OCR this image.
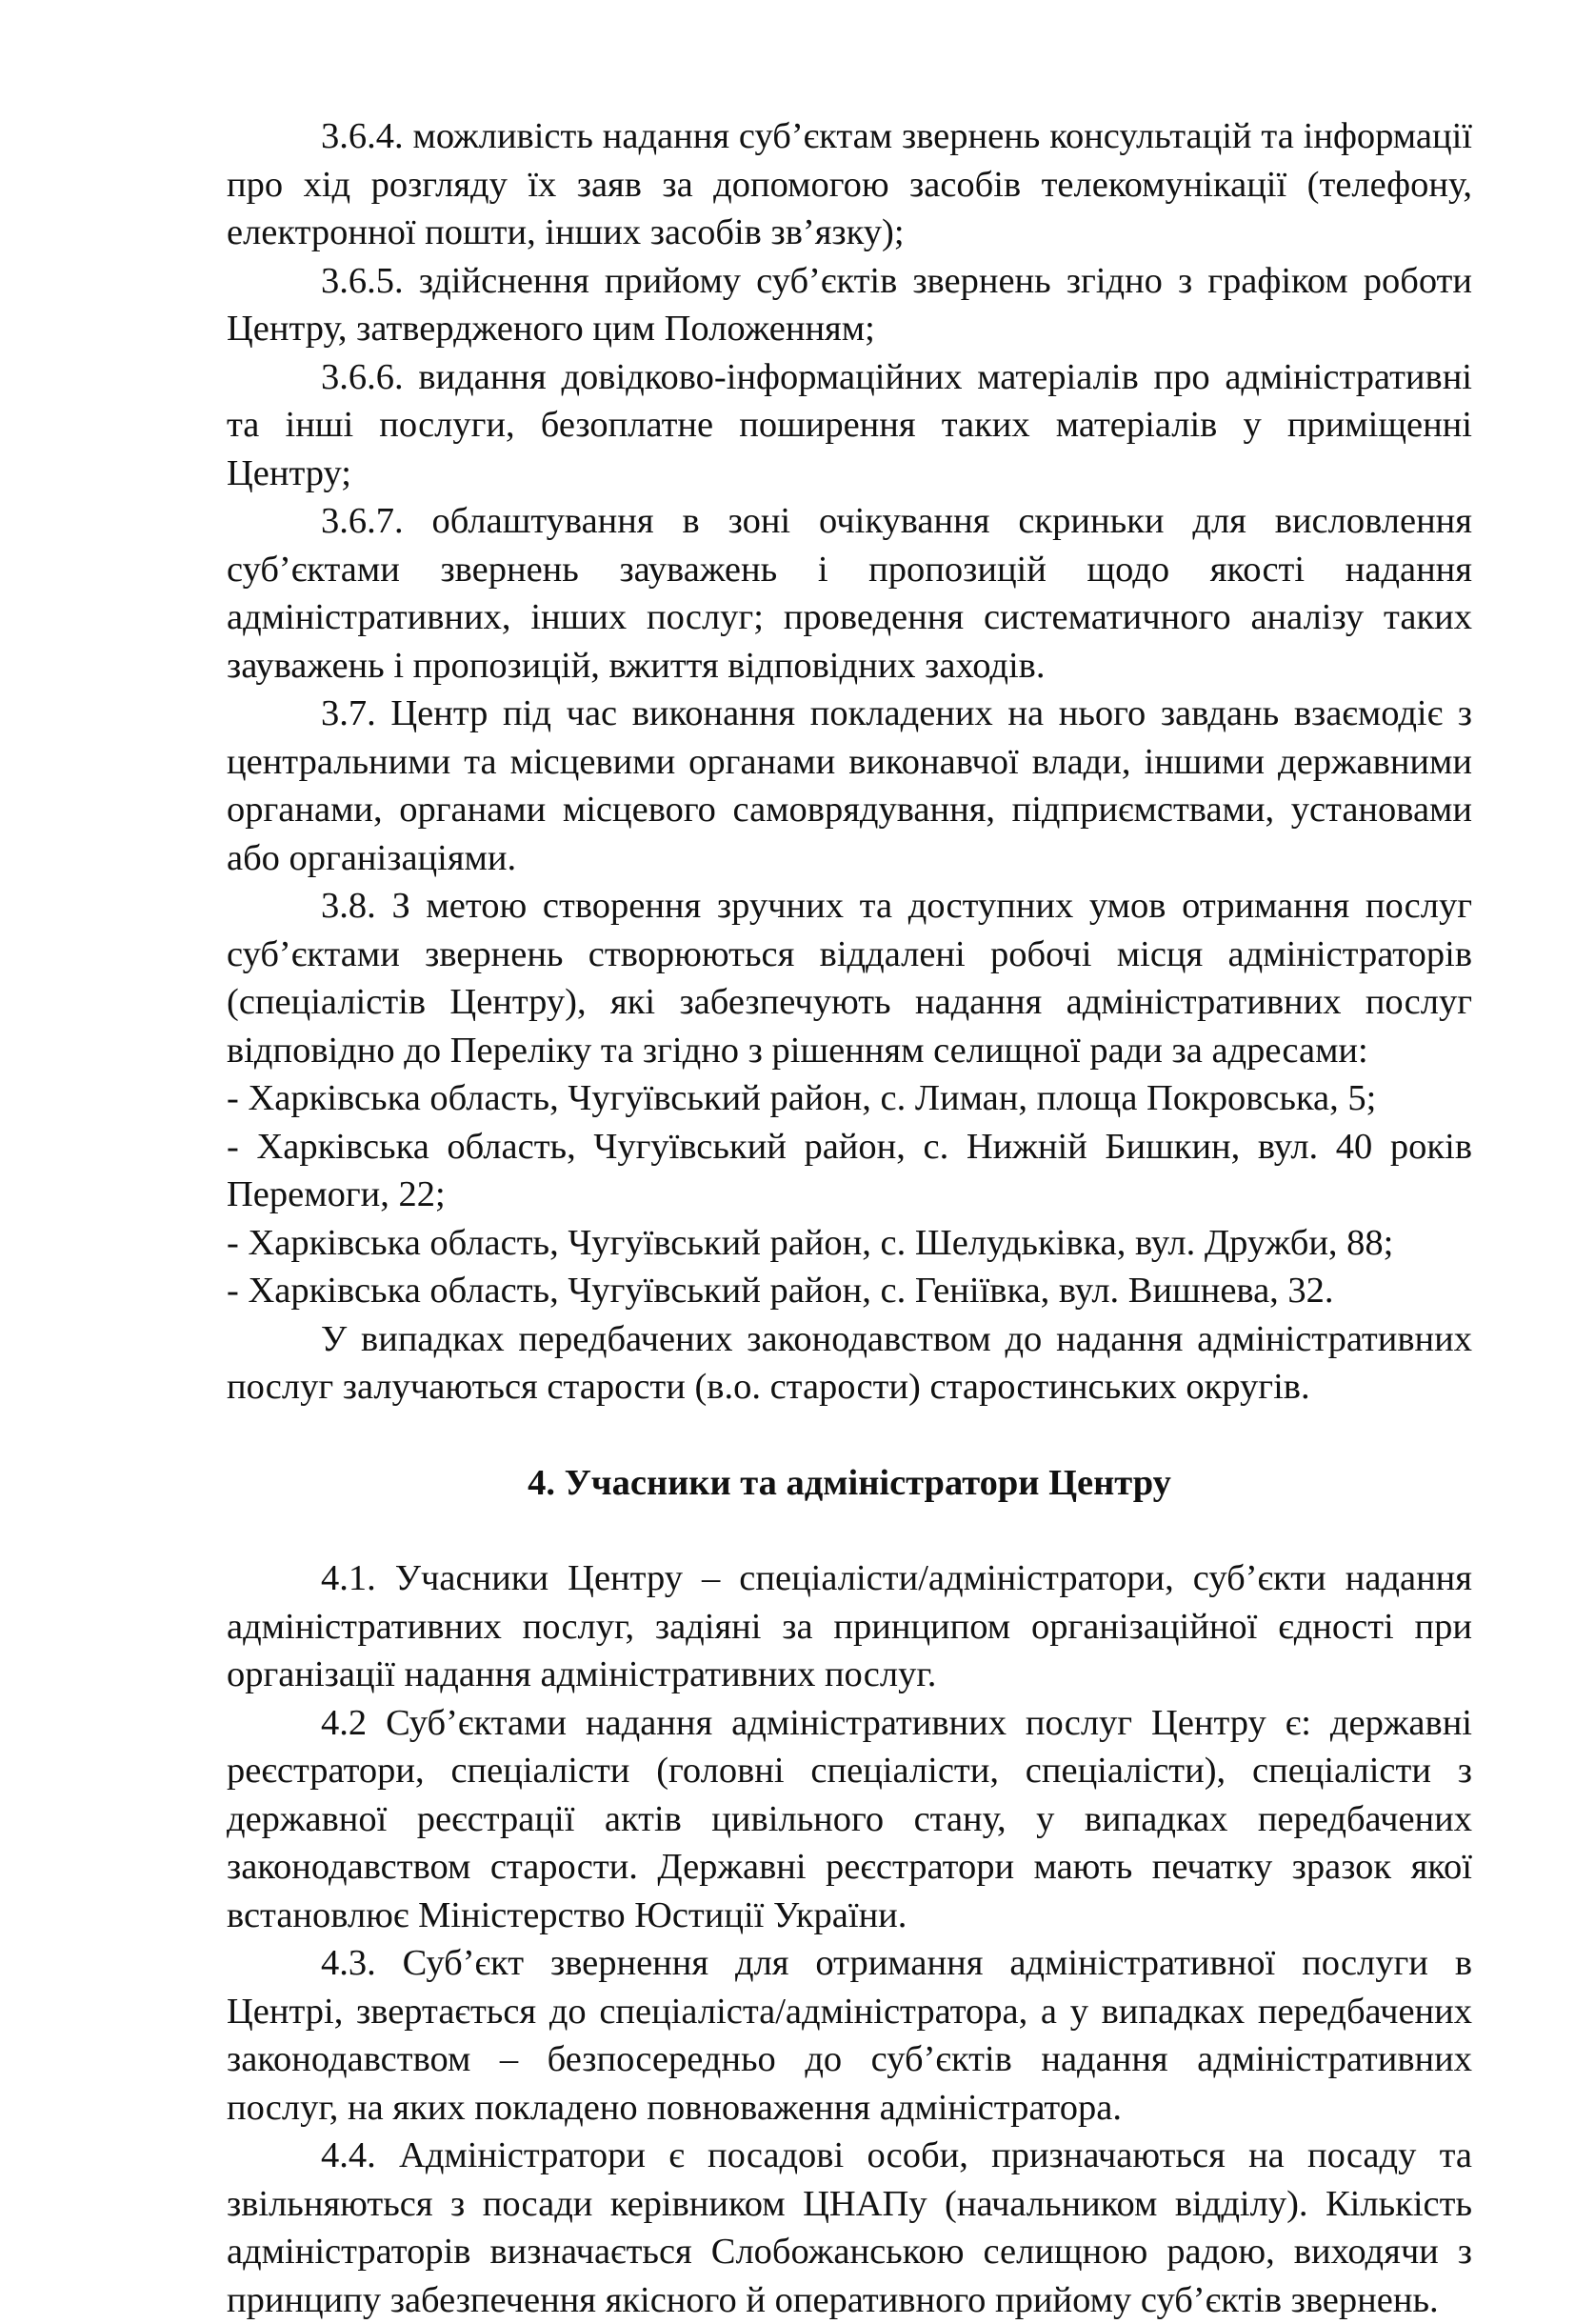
3.6.4. можливість надання суб’єктам звернень консультацій та інформації про хід розгляду їх заяв за допомогою засобів телекомунікації (телефону, електронної пошти, інших засобів зв’язку);

3.6.5. здійснення прийому суб’єктів звернень згідно з графіком роботи Центру, затвердженого цим Положенням;

3.6.6. видання довідково-інформаційних матеріалів про адміністративні та інші послуги, безоплатне поширення таких матеріалів у приміщенні Центру;

3.6.7. облаштування в зоні очікування скриньки для висловлення суб’єктами звернень зауважень і пропозицій щодо якості надання адміністративних, інших послуг; проведення систематичного аналізу таких зауважень і пропозицій, вжиття відповідних заходів.

3.7. Центр під час виконання покладених на нього завдань взаємодіє з центральними та місцевими органами виконавчої влади, іншими державними органами, органами місцевого самоврядування, підприємствами, установами або організаціями.

3.8. З метою створення зручних та доступних умов отримання послуг суб’єктами звернень створюються віддалені робочі місця адміністраторів (спеціалістів Центру), які забезпечують надання адміністративних послуг відповідно до Переліку та згідно з рішенням селищної ради за адресами:

- Харківська область, Чугуївський район, с. Лиман, площа Покровська, 5;

- Харківська область, Чугуївський район, с. Нижній Бишкин, вул. 40 років Перемоги, 22;

- Харківська область, Чугуївський район, с. Шелудьківка, вул. Дружби, 88;

- Харківська область, Чугуївський район, с. Геніївка, вул. Вишнева, 32.

У випадках передбачених законодавством до надання адміністративних послуг залучаються старости (в.о. старости) старостинських округів.

4. Учасники та адміністратори Центру

4.1. Учасники Центру – спеціалісти/адміністратори, суб’єкти надання адміністративних послуг, задіяні за принципом організаційної єдності при організації надання адміністративних послуг.

4.2 Суб’єктами надання адміністративних послуг Центру є: державні реєстратори, спеціалісти (головні спеціалісти, спеціалісти), спеціалісти з державної реєстрації актів цивільного стану, у випадках передбачених законодавством старости. Державні реєстратори мають печатку зразок якої встановлює Міністерство Юстиції України.

4.3. Суб’єкт звернення для отримання адміністративної послуги в Центрі, звертається до спеціаліста/адміністратора, а у випадках передбачених законодавством – безпосередньо до суб’єктів надання адміністративних послуг, на яких покладено повноваження адміністратора.

4.4. Адміністратори є посадові особи, призначаються на посаду та звільняються з посади керівником ЦНАПу (начальником відділу). Кількість адміністраторів визначається Слобожанською селищною радою, виходячи з принципу забезпечення якісного й оперативного прийому суб’єктів звернень.
